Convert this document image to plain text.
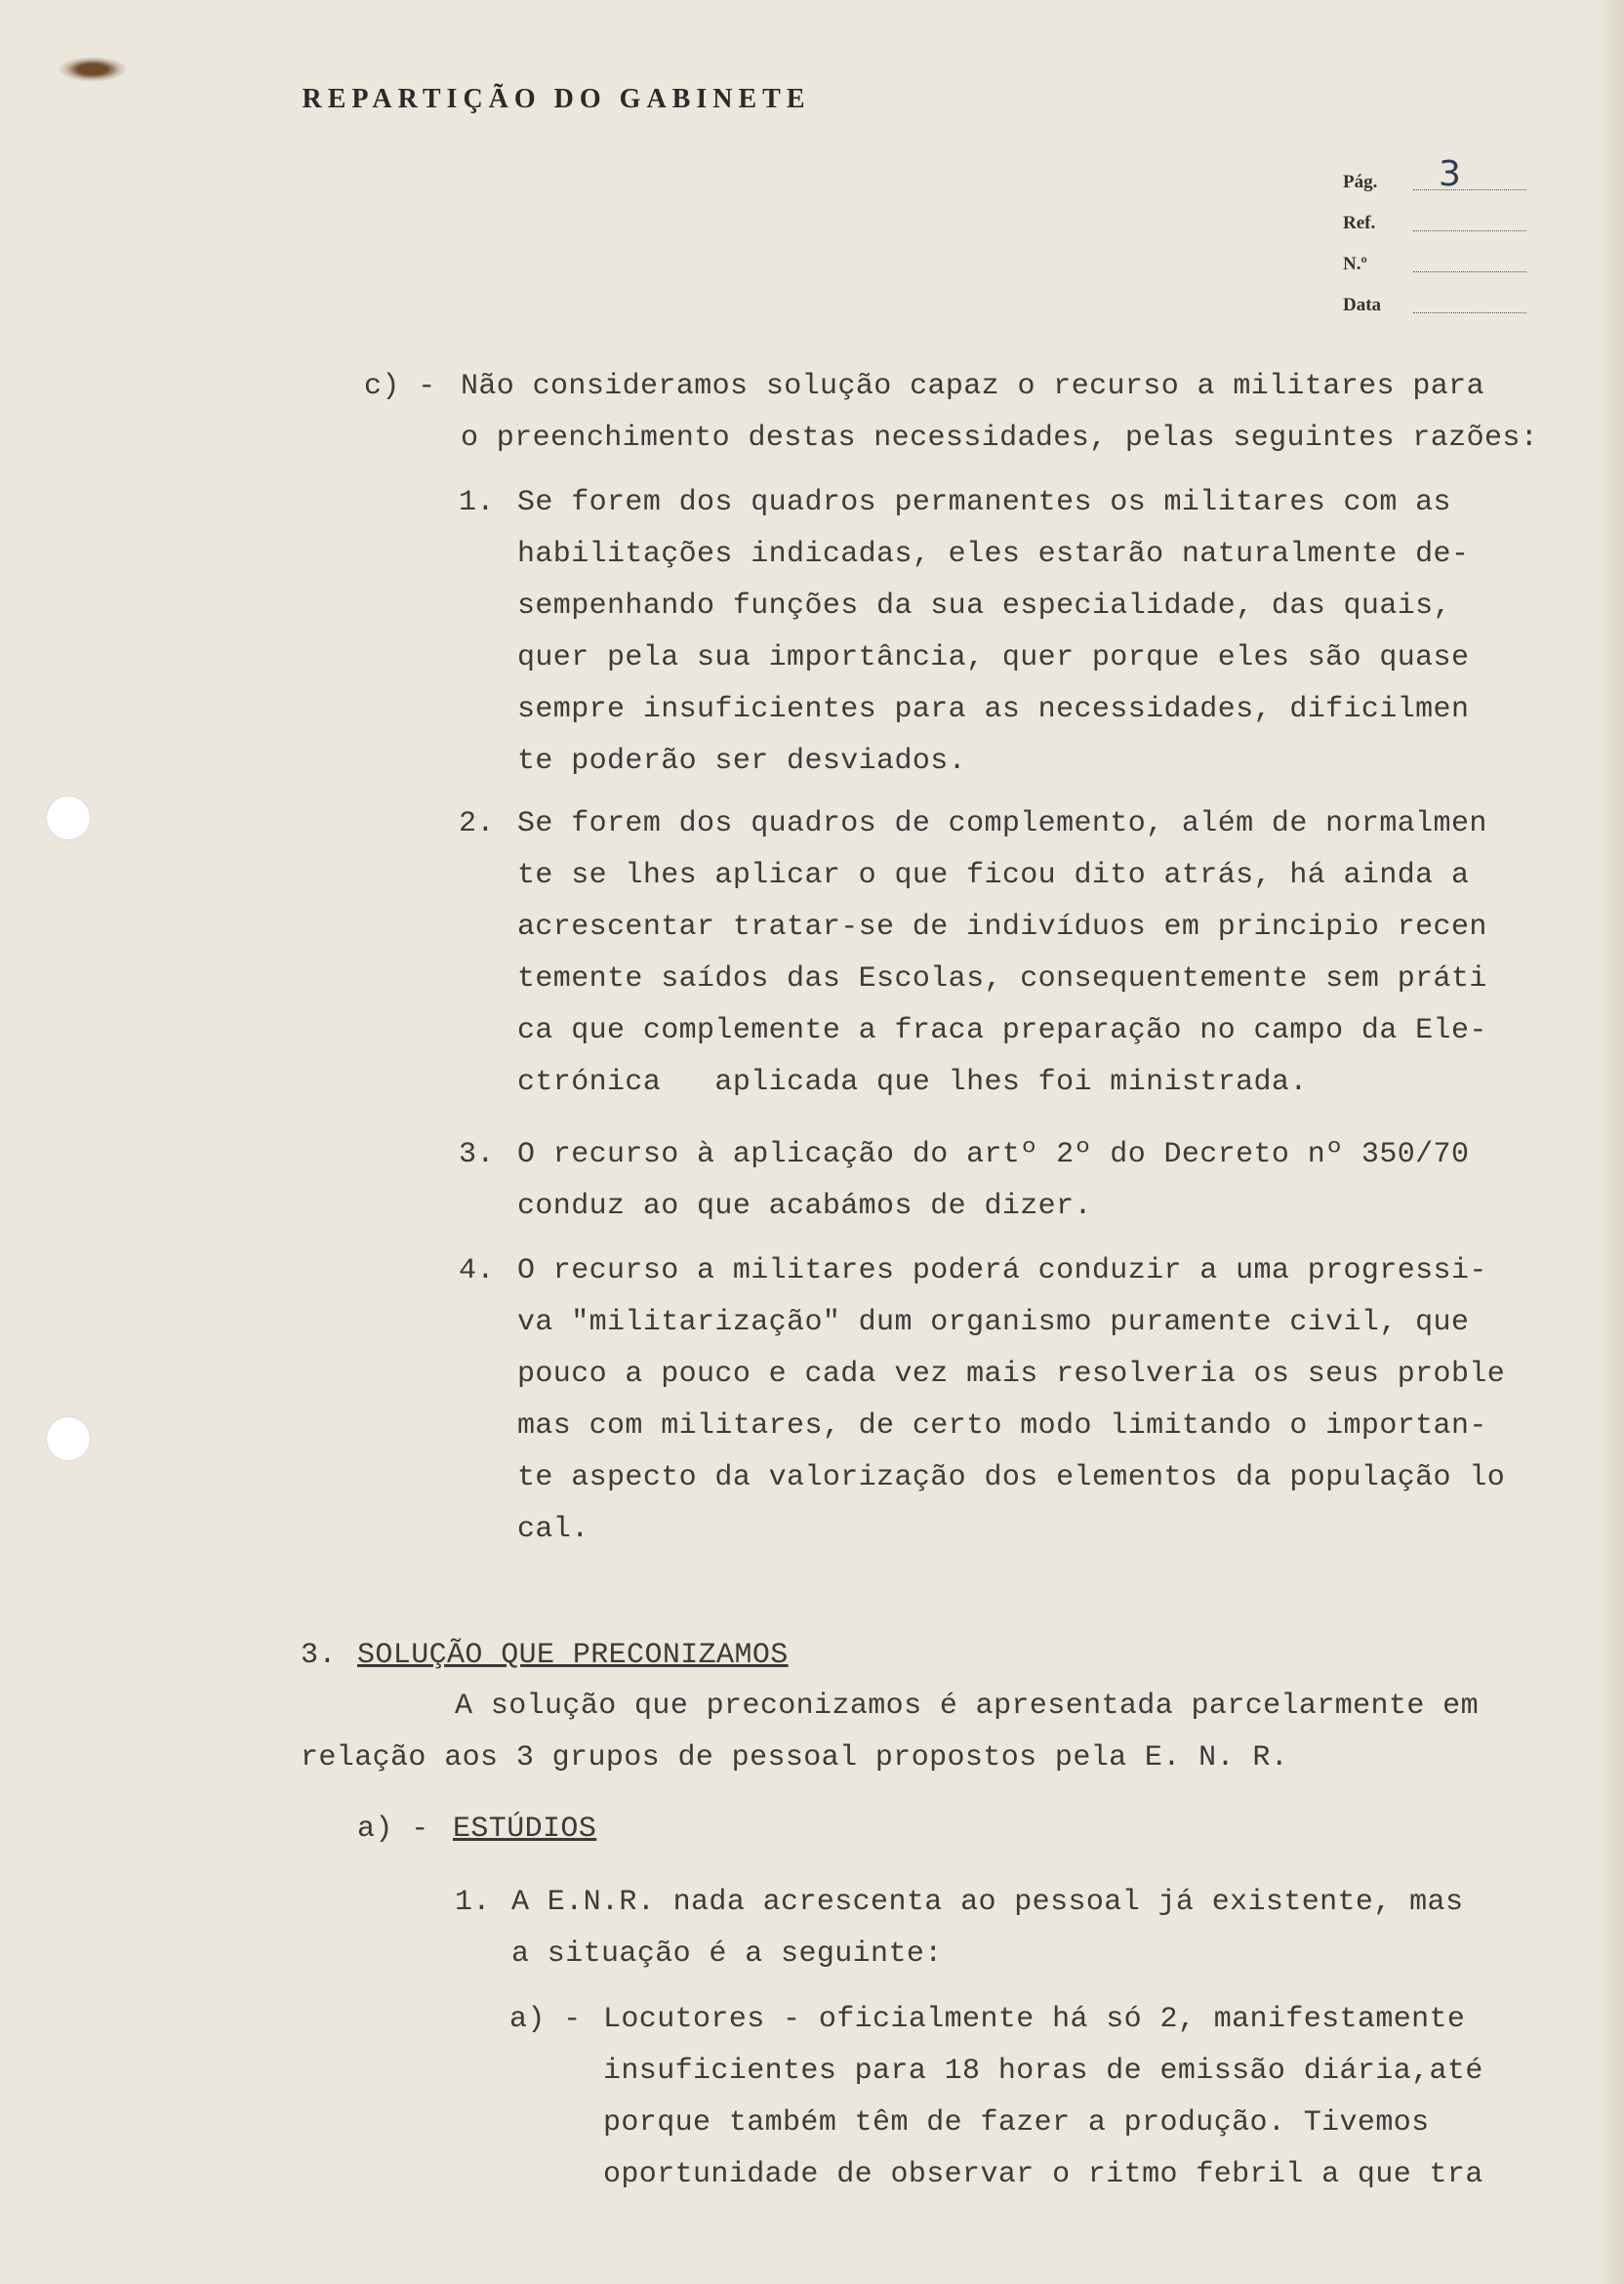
REPARTIÇÃO DO GABINETE
Pág. 3
Ref.
N.º
Data
c) - Não consideramos solução capaz o recurso a militares para
o preenchimento destas necessidades, pelas seguintes razões:
1. Se forem dos quadros permanentes os militares com as
habilitações indicadas, eles estarão naturalmente de-
sempenhando funções da sua especialidade, das quais,
quer pela sua importância, quer porque eles são quase
sempre insuficientes para as necessidades, dificilmen
te poderão ser desviados.
2. Se forem dos quadros de complemento, além de normalmen
te se lhes aplicar o que ficou dito atrás, há ainda a
acrescentar tratar-se de indivíduos em principio recen
temente saídos das Escolas, consequentemente sem práti
ca que complemente a fraca preparação no campo da Ele-
ctrónica   aplicada que lhes foi ministrada.
3. O recurso à aplicação do artº 2º do Decreto nº 350/70
conduz ao que acabámos de dizer.
4. O recurso a militares poderá conduzir a uma progressi-
va "militarização" dum organismo puramente civil, que
pouco a pouco e cada vez mais resolveria os seus proble
mas com militares, de certo modo limitando o importan-
te aspecto da valorização dos elementos da população lo
cal.
3. SOLUÇÃO QUE PRECONIZAMOS
A solução que preconizamos é apresentada parcelarmente em
relação aos 3 grupos de pessoal propostos pela E. N. R.
a) - ESTÚDIOS
1. A E.N.R. nada acrescenta ao pessoal já existente, mas
a situação é a seguinte:
a) - Locutores - oficialmente há só 2, manifestamente
insuficientes para 18 horas de emissão diária,até
porque também têm de fazer a produção. Tivemos
oportunidade de observar o ritmo febril a que tra
